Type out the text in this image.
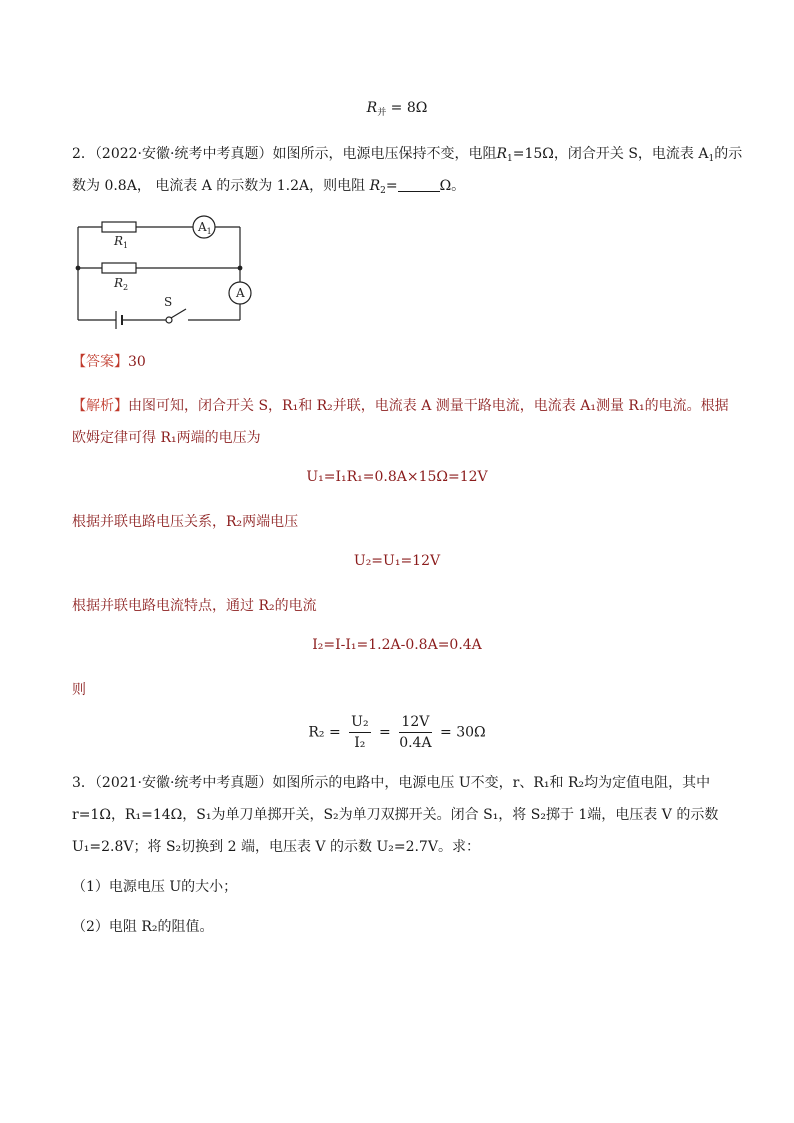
$R_并 = 8\Omega$
2．（2022·安徽·统考中考真题）如图所示，电源电压保持不变，电阻$R_1=15\Omega$，闭合开关 S，电流表 $A_1$的示
数为 0.8A， 电流表 A 的示数为 1.2A，则电阻 $R_2=$	Ω。
$R_1$
$R_2$
$A_1$
A
S
【答案】30
【解析】由图可知，闭合开关 S，R₁和 R₂并联，电流表 A 测量干路电流，电流表 A₁测量 R₁的电流。根据
欧姆定律可得 R₁两端的电压为
U₁=I₁R₁=0.8A×15Ω=12V
根据并联电路电压关系，R₂两端电压
U₂=U₁=12V
根据并联电路电流特点，通过 R₂的电流
I₂=I-I₁=1.2A-0.8A=0.4A
则
$R_2 = \frac{\text{U₂}}{\text{I₂}} = \frac{12V}{0.4A} = 30\Omega$
3．（2021·安徽·统考中考真题）如图所示的电路中，电源电压 U不变，r、R₁和 R₂均为定值电阻，其中
r=1Ω，R₁=14Ω，S₁为单刀单掷开关，S₂为单刀双掷开关。闭合 S₁，将 S₂掷于 1端，电压表 V 的示数
U₁=2.8V；将 S₂切换到 2 端，电压表 V 的示数 U₂=2.7V。求：
（1）电源电压 U的大小；
（2）电阻 R₂的阻值。
